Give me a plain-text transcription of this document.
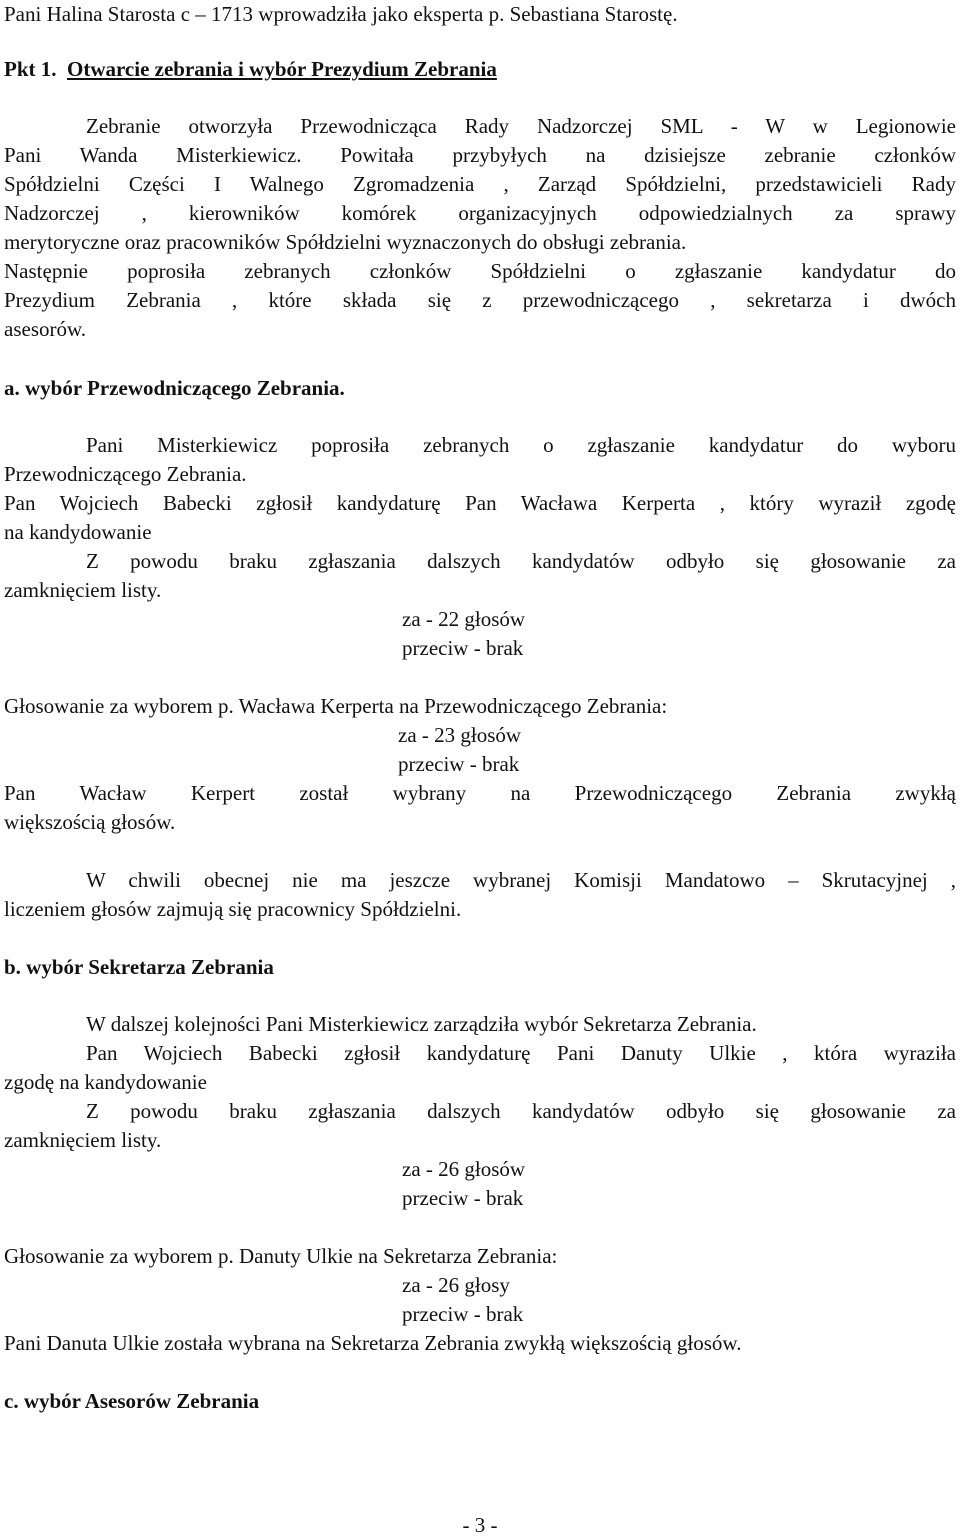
Pani Halina Starosta c – 1713 wprowadziła jako eksperta p. Sebastiana Starostę.
Pkt 1. Otwarcie zebrania i wybór Prezydium Zebrania
Zebranie otworzyła Przewodnicząca Rady Nadzorczej SML - W w Legionowie
Pani Wanda Misterkiewicz. Powitała przybyłych na dzisiejsze zebranie członków
Spółdzielni Części I Walnego Zgromadzenia , Zarząd Spółdzielni, przedstawicieli Rady
Nadzorczej , kierowników komórek organizacyjnych odpowiedzialnych za sprawy
merytoryczne oraz pracowników Spółdzielni wyznaczonych do obsługi zebrania.
Następnie poprosiła zebranych członków Spółdzielni o zgłaszanie kandydatur do
Prezydium Zebrania , które składa się z przewodniczącego , sekretarza i dwóch
asesorów.
a. wybór Przewodniczącego Zebrania.
Pani Misterkiewicz poprosiła zebranych o zgłaszanie kandydatur do wyboru
Przewodniczącego Zebrania.
Pan Wojciech Babecki zgłosił kandydaturę Pan Wacława Kerperta , który wyraził zgodę
na kandydowanie
Z powodu braku zgłaszania dalszych kandydatów odbyło się głosowanie za
zamknięciem listy.
za - 22 głosów
przeciw - brak
Głosowanie za wyborem p. Wacława Kerperta na Przewodniczącego Zebrania:
za - 23 głosów
przeciw - brak
Pan Wacław Kerpert został wybrany na Przewodniczącego Zebrania zwykłą
większością głosów.
W chwili obecnej nie ma jeszcze wybranej Komisji Mandatowo – Skrutacyjnej ,
liczeniem głosów zajmują się pracownicy Spółdzielni.
b. wybór Sekretarza Zebrania
W dalszej kolejności Pani Misterkiewicz zarządziła wybór Sekretarza Zebrania.
Pan Wojciech Babecki zgłosił kandydaturę Pani Danuty Ulkie , która wyraziła
zgodę na kandydowanie
Z powodu braku zgłaszania dalszych kandydatów odbyło się głosowanie za
zamknięciem listy.
za - 26 głosów
przeciw - brak
Głosowanie za wyborem p. Danuty Ulkie na Sekretarza Zebrania:
za - 26 głosy
przeciw - brak
Pani Danuta Ulkie została wybrana na Sekretarza Zebrania zwykłą większością głosów.
c. wybór Asesorów Zebrania
- 3 -
